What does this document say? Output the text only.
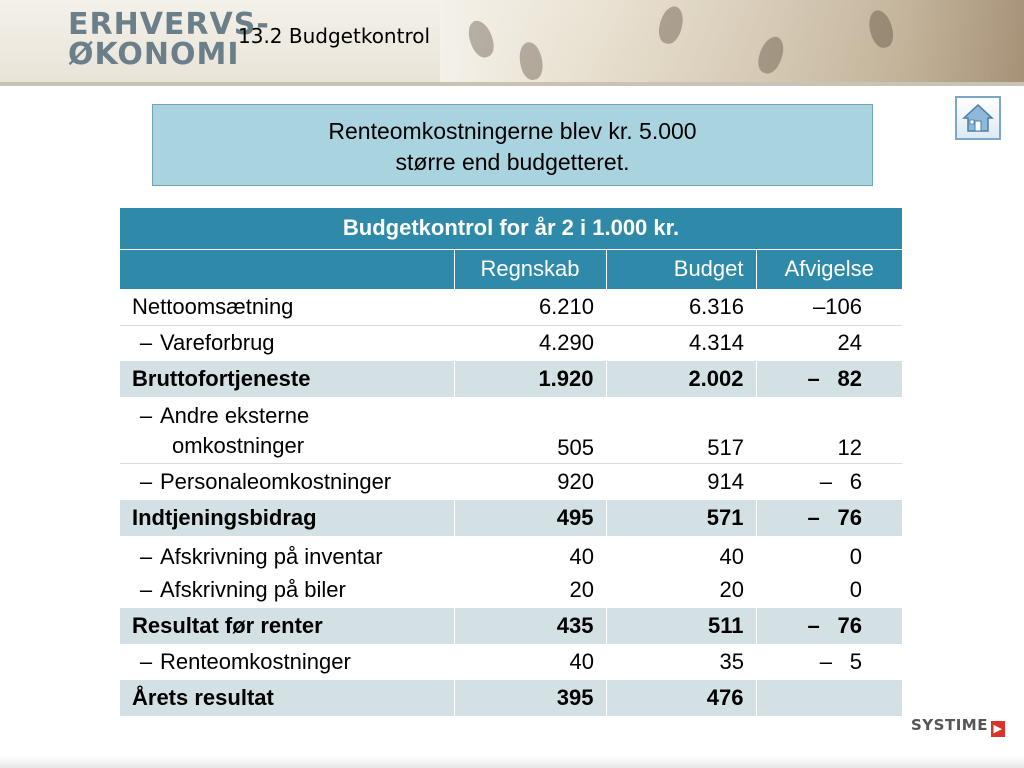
ERHVERVS-
ØKONOMI
13.2 Budgetkontrol
Renteomkostningerne blev kr. 5.000
større end budgetteret.
Budgetkontrol for år 2 i 1.000 kr.			
	Regnskab	Budget	Afvigelse
Nettoomsætning	6.210	6.316	–106
– Vareforbrug	4.290	4.314	24
Bruttofortjeneste	1.920	2.002	– 82
– Andre eksterne
omkostninger	505	517	12
– Personaleomkostninger	920	914	– 6
Indtjeningsbidrag	495	571	– 76
– Afskrivning på inventar	40	40	0
– Afskrivning på biler	20	20	0
Resultat før renter	435	511	– 76
– Renteomkostninger	40	35	– 5
Årets resultat	395	476	
SYSTIME ▶
